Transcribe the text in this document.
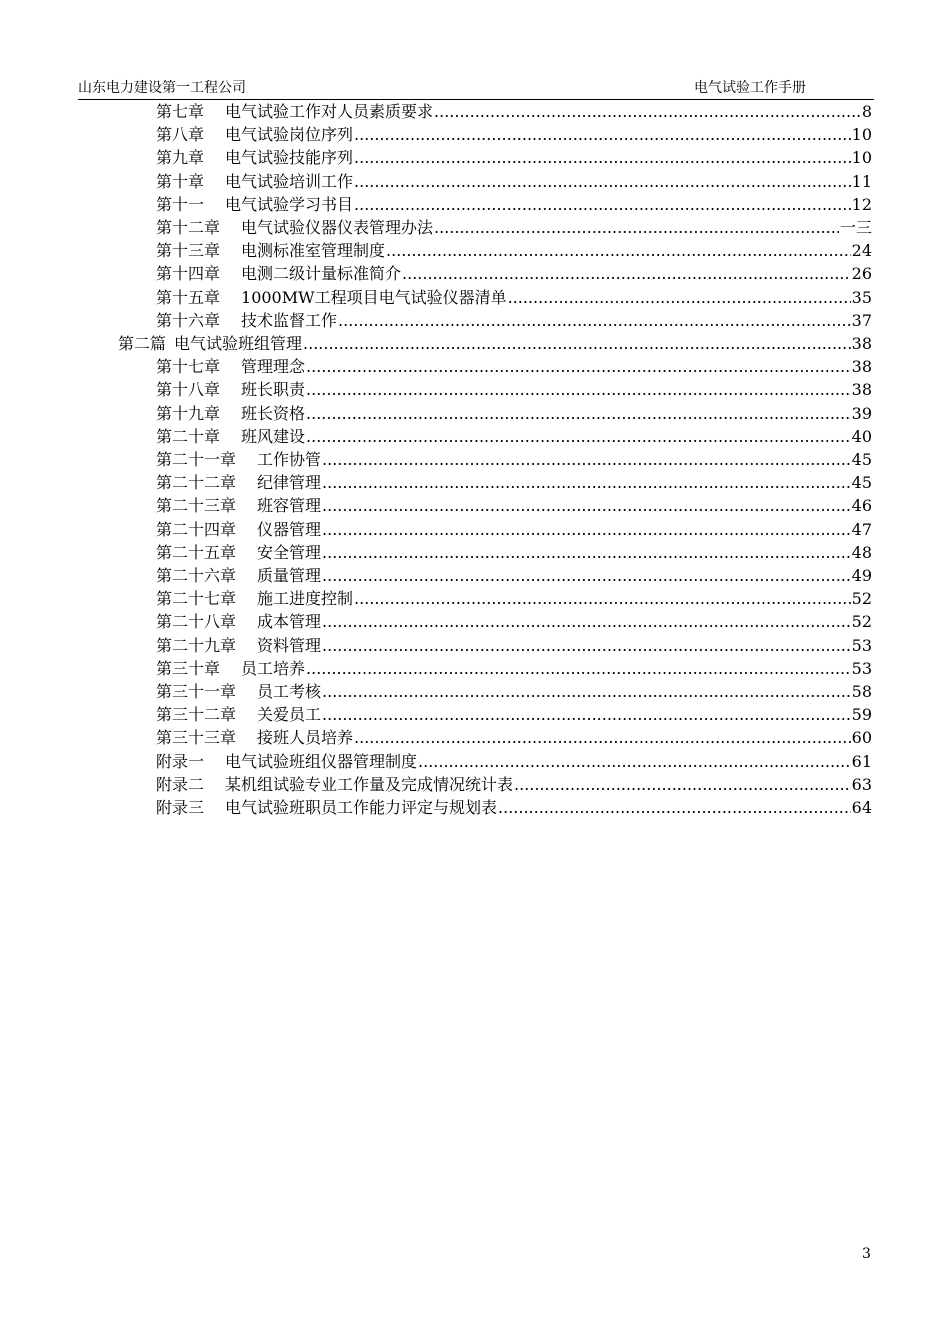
山东电力建设第一工程公司	电气试验工作手册
第七章 电气试验工作对人员素质要求 .....	8
第八章 电气试验岗位序列 .....	10
第九章 电气试验技能序列 .....	10
第十章 电气试验培训工作 .....	11
第十一 电气试验学习书目 .....	12
第十二章 电气试验仪器仪表管理办法 .....	一三
第十三章 电测标准室管理制度 .....	24
第十四章 电测二级计量标准简介 .....	26
第十五章 1000MW工程项目电气试验仪器清单 .....	35
第十六章 技术监督工作 .....	37
第二篇 电气试验班组管理 .....	38
第十七章 管理理念 .....	38
第十八章 班长职责 .....	38
第十九章 班长资格 .....	39
第二十章 班风建设 .....	40
第二十一章 工作协管 .....	45
第二十二章 纪律管理 .....	45
第二十三章 班容管理 .....	46
第二十四章 仪器管理 .....	47
第二十五章 安全管理 .....	48
第二十六章 质量管理 .....	49
第二十七章 施工进度控制 .....	52
第二十八章 成本管理 .....	52
第二十九章 资料管理 .....	53
第三十章 员工培养 .....	53
第三十一章 员工考核 .....	58
第三十二章 关爱员工 .....	59
第三十三章 接班人员培养 .....	60
附录一 电气试验班组仪器管理制度 .....	61
附录二 某机组试验专业工作量及完成情况统计表 .....	63
附录三 电气试验班职员工作能力评定与规划表 .....	64
3
